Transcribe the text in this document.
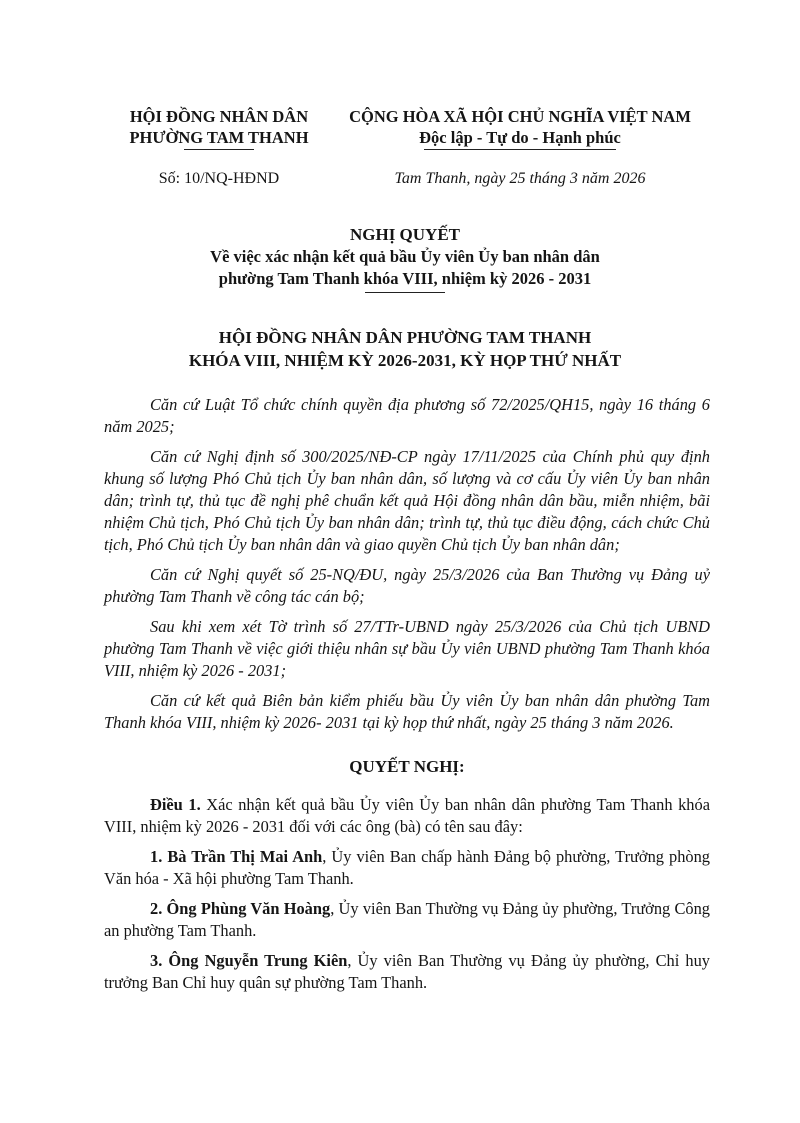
HỘI ĐỒNG NHÂN DÂN
PHƯỜNG TAM THANH
CỘNG HÒA XÃ HỘI CHỦ NGHĨA VIỆT NAM
Độc lập - Tự do - Hạnh phúc
Số: 10/NQ-HĐND	Tam Thanh, ngày 25 tháng 3 năm 2026
NGHỊ QUYẾT
Về việc xác nhận kết quả bầu Ủy viên Ủy ban nhân dân
phường Tam Thanh khóa VIII, nhiệm kỳ 2026 - 2031
HỘI ĐỒNG NHÂN DÂN PHƯỜNG TAM THANH
KHÓA VIII, NHIỆM KỲ 2026-2031, KỲ HỌP THỨ NHẤT

Căn cứ Luật Tổ chức chính quyền địa phương số 72/2025/QH15, ngày 16 tháng 6 năm 2025;

Căn cứ Nghị định số 300/2025/NĐ-CP ngày 17/11/2025 của Chính phủ quy định khung số lượng Phó Chủ tịch Ủy ban nhân dân, số lượng và cơ cấu Ủy viên Ủy ban nhân dân; trình tự, thủ tục đề nghị phê chuẩn kết quả Hội đồng nhân dân bầu, miễn nhiệm, bãi nhiệm Chủ tịch, Phó Chủ tịch Ủy ban nhân dân; trình tự, thủ tục điều động, cách chức Chủ tịch, Phó Chủ tịch Ủy ban nhân dân và giao quyền Chủ tịch Ủy ban nhân dân;

Căn cứ Nghị quyết số 25-NQ/ĐU, ngày 25/3/2026 của Ban Thường vụ Đảng uỷ phường Tam Thanh về công tác cán bộ;

Sau khi xem xét Tờ trình số 27/TTr-UBND ngày 25/3/2026 của Chủ tịch UBND phường Tam Thanh về việc giới thiệu nhân sự bầu Ủy viên UBND phường Tam Thanh khóa VIII, nhiệm kỳ 2026 - 2031;

Căn cứ kết quả Biên bản kiểm phiếu bầu Ủy viên Ủy ban nhân dân phường Tam Thanh khóa VIII, nhiệm kỳ 2026- 2031 tại kỳ họp thứ nhất, ngày 25 tháng 3 năm 2026.

QUYẾT NGHỊ:

Điều 1. Xác nhận kết quả bầu Ủy viên Ủy ban nhân dân phường Tam Thanh khóa VIII, nhiệm kỳ 2026 - 2031 đối với các ông (bà) có tên sau đây:

1. Bà Trần Thị Mai Anh, Ủy viên Ban chấp hành Đảng bộ phường, Trưởng phòng Văn hóa - Xã hội phường Tam Thanh.

2. Ông Phùng Văn Hoàng, Ủy viên Ban Thường vụ Đảng ủy phường, Trưởng Công an phường Tam Thanh.

3. Ông Nguyễn Trung Kiên, Ủy viên Ban Thường vụ Đảng ủy phường, Chỉ huy trưởng Ban Chỉ huy quân sự phường Tam Thanh.
